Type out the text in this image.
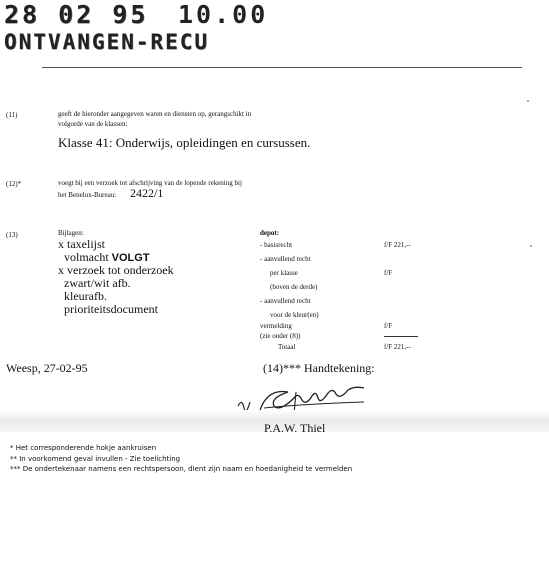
28 02 95 10.00
ONTVANGEN-RECU
(11)	geeft de hieronder aangegeven waren en diensten op, gerangschikt in
volgorde van de klassen:
Klasse 41: Onderwijs, opleidingen en cursussen.
(12)*	voegt bij een verzoek tot afschrijving van de lopende rekening bij
het Benelux-Bureau: 2422/1
(13)	Bijlagen:
x taxelijst
volmacht VOLGT
x verzoek tot onderzoek
zwart/wit afb.
kleurafb.
prioriteitsdocument
depot:
- basisrecht	f/F 221,--
- aanvullend recht
per klasse	f/F
(boven de derde)
- aanvullend recht
voor de kleur(en)
vermelding	f/F
(zie onder (8))
Totaal	f/F 221,--
Weesp, 27-02-95	(14)*** Handtekening:
P.A.W. Thiel
* Het corresponderende hokje aankruisen
** In voorkomend geval invullen - Zie toelichting
*** De ondertekenaar namens een rechtspersoon, dient zijn naam en hoedanigheid te vermelden
